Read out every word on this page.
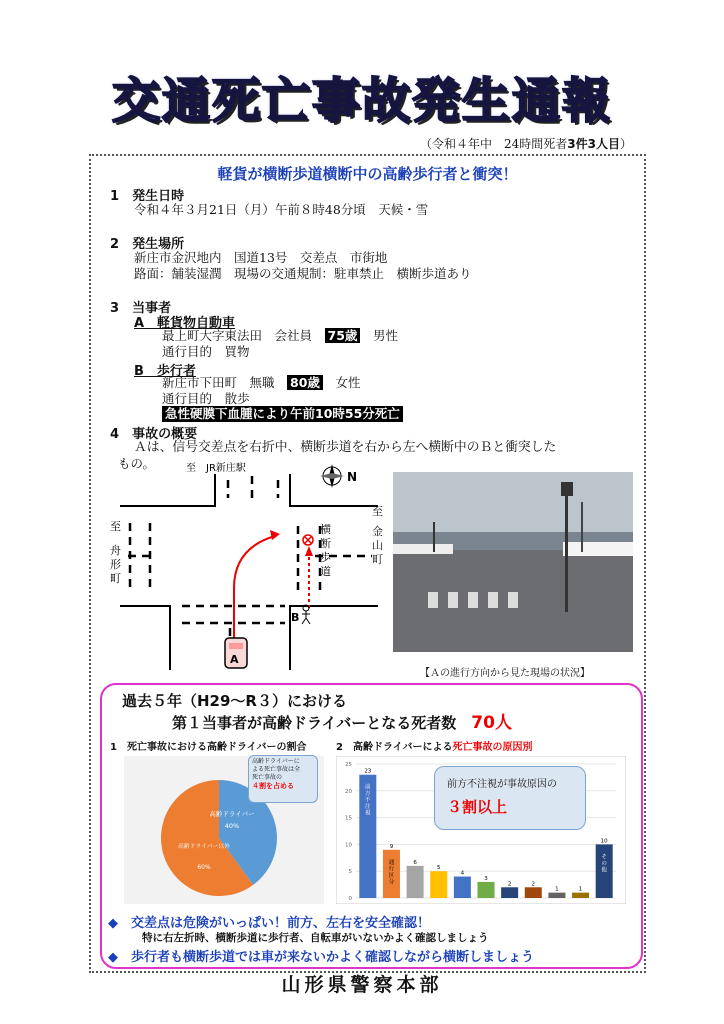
交通死亡事故発生通報
（令和４年中　24時間死者3件3人目）
軽貨が横断歩道横断中の高齢歩行者と衝突！
1　 発生日時
令和４年３月21日（月）午前８時48分頃　天候・雪
2　 発生場所
新庄市金沢地内　国道13号　交差点　市街地
路面：舗装湿潤　現場の交通規制：駐車禁止　横断歩道あり
3　 当事者
A　軽貨物自動車
最上町大字東法田　会社員　 75歳　 男性
通行目的　買物
B　歩行者
新庄市下田町　無職　 80歳　 女性
通行目的　散歩
急性硬膜下血腫により午前10時55分死亡
4　 事故の概要
Ａは、信号交差点を右折中、横断歩道を右から左へ横断中のＢと衝突した
もの。
N
至　JR新庄駅
B
A
至
舟
形
町
横
断
歩
道
至
金
山
町
【Ａの進行方向から見た現場の状況】
過去５年（H29～R３）における
第１当事者が高齢ドライバーとなる死者数　 70人
1　死亡事故における高齢ドライバーの割合	2　高齢ドライバーによる死亡事故の原因別
高齢ドライバー
40%
高齢ドライバー以外
60%
高齢ドライバーに
よる死亡事故は全
死亡事故の
４割を占める
0
5
10
15
20
25
23
前
方
不
注
視
9
通
行
区
分
6
5
4
3
2	2
1	1
10
そ
の
他
前方不注視が事故原因の
３割以上
◆　交差点は危険がいっぱい！前方、左右を安全確認！
特に右左折時、横断歩道に歩行者、自転車がいないかよく確認しましょう
◆　歩行者も横断歩道では車が来ないかよく確認しながら横断しましょう
山形県警察本部
